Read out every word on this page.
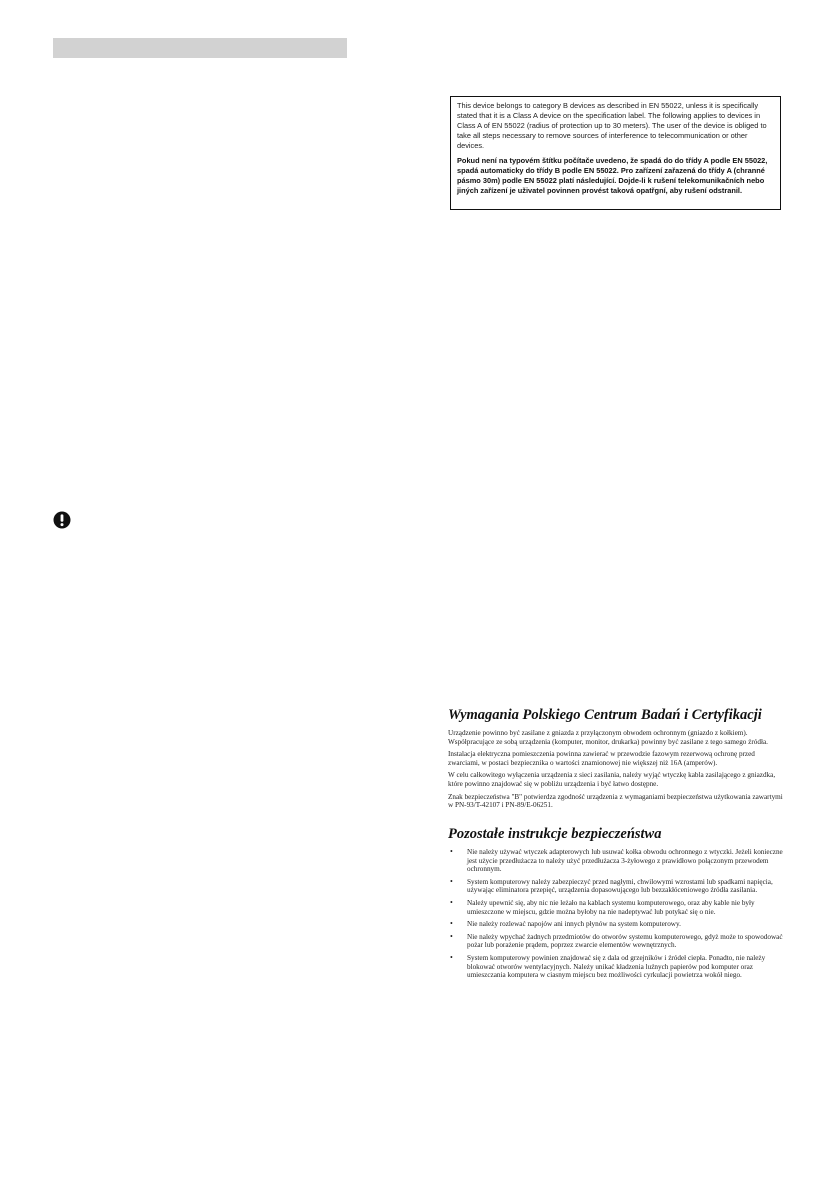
This device belongs to category B devices as described in EN 55022, unless it is specifically stated that it is a Class A device on the specification label. The following applies to devices in Class A of EN 55022 (radius of protection up to 30 meters). The user of the device is obliged to take all steps necessary to remove sources of interference to telecommunication or other devices.

Pokud není na typovém štítku počítače uvedeno, že spadá do do třídy A podle EN 55022, spadá automaticky do třídy B podle EN 55022. Pro zařízení zařazená do třídy A (chranné pásmo 30m) podle EN 55022 platí následující. Dojde-li k rušení telekomunikačních nebo jiných zařízení je uživatel povinnen provést taková opatřgní, aby rušení odstranil.

Wymagania Polskiego Centrum Badań i Certyfikacji

Urządzenie powinno być zasilane z gniazda z przyłączonym obwodem ochronnym (gniazdo z kołkiem). Współpracujące ze sobą urządzenia (komputer, monitor, drukarka) powinny być zasilane z tego samego źródła.

Instalacja elektryczna pomieszczenia powinna zawierać w przewodzie fazowym rezerwową ochronę przed zwarciami, w postaci bezpiecznika o wartości znamionowej nie większej niż 16A (amperów).

W celu całkowitego wyłączenia urządzenia z sieci zasilania, należy wyjąć wtyczkę kabla zasilającego z gniazdka, które powinno znajdować się w pobliżu urządzenia i być łatwo dostępne.

Znak bezpieczeństwa "B" potwierdza zgodność urządzenia z wymaganiami bezpieczeństwa użytkowania zawartymi w PN-93/T-42107 i PN-89/E-06251.

Pozostałe instrukcje bezpieczeństwa
• Nie należy używać wtyczek adapterowych lub usuwać kołka obwodu ochronnego z wtyczki. Jeżeli konieczne jest użycie przedłużacza to należy użyć przedłużacza 3-żyłowego z prawidłowo połączonym przewodem ochronnym.
• System komputerowy należy zabezpieczyć przed nagłymi, chwilowymi wzrostami lub spadkami napięcia, używając eliminatora przepięć, urządzenia dopasowującego lub bezzakłóceniowego źródła zasilania.
• Należy upewnić się, aby nic nie leżało na kablach systemu komputerowego, oraz aby kable nie były umieszczone w miejscu, gdzie można byłoby na nie nadeptywać lub potykać się o nie.
• Nie należy rozlewać napojów ani innych płynów na system komputerowy.
• Nie należy wpychać żadnych przedmiotów do otworów systemu komputerowego, gdyż może to spowodować pożar lub porażenie prądem, poprzez zwarcie elementów wewnętrznych.
• System komputerowy powinien znajdować się z dala od grzejników i źródeł ciepła. Ponadto, nie należy blokować otworów wentylacyjnych. Należy unikać kładzenia luźnych papierów pod komputer oraz umieszczania komputera w ciasnym miejscu bez możliwości cyrkulacji powietrza wokół niego.
